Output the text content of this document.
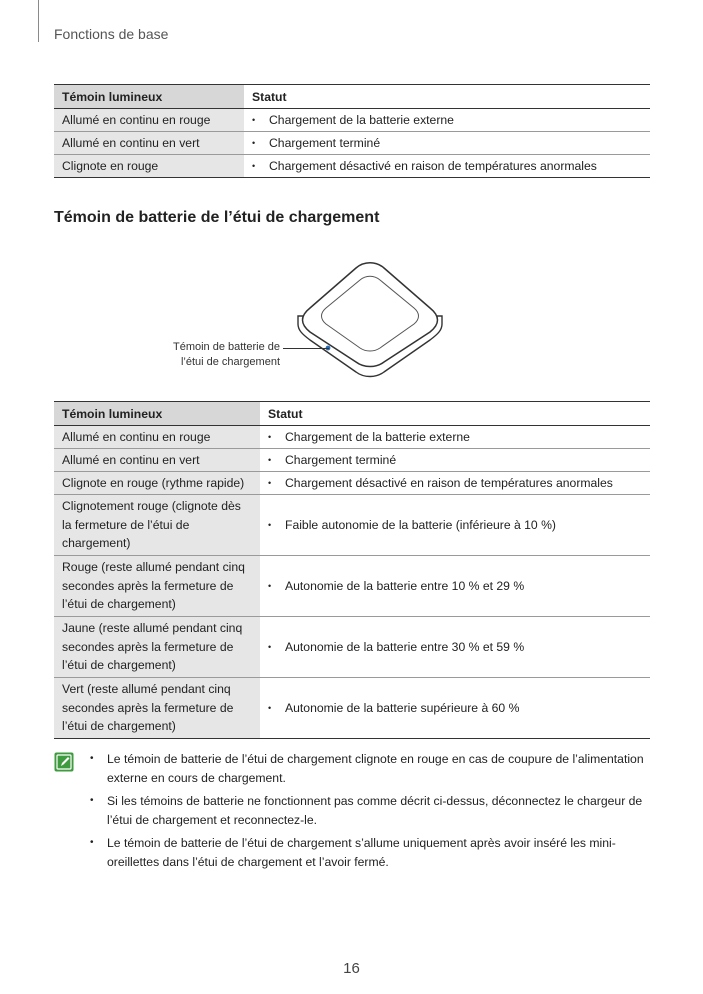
Fonctions de base
Témoin lumineux	Statut
Allumé en continu en rouge	• Chargement de la batterie externe

Allumé en continu en vert	• Chargement terminé

Clignote en rouge	• Chargement désactivé en raison de températures anormales
Témoin de batterie de l’étui de chargement
Témoin de batterie de
l’étui de chargement
Témoin lumineux	Statut
Allumé en continu en rouge	• Chargement de la batterie externe

Allumé en continu en vert	• Chargement terminé

Clignote en rouge (rythme rapide)	• Chargement désactivé en raison de températures anormales

Clignotement rouge (clignote dès la fermeture de l’étui de chargement)	• Faible autonomie de la batterie (inférieure à 10 %)

Rouge (reste allumé pendant cinq secondes après la fermeture de l’étui de chargement)	• Autonomie de la batterie entre 10 % et 29 %

Jaune (reste allumé pendant cinq secondes après la fermeture de l’étui de chargement)	• Autonomie de la batterie entre 30 % et 59 %

Vert (reste allumé pendant cinq secondes après la fermeture de l’étui de chargement)	• Autonomie de la batterie supérieure à 60 %
•	Le témoin de batterie de l’étui de chargement clignote en rouge en cas de coupure de l’alimentation externe en cours de chargement.
•	Si les témoins de batterie ne fonctionnent pas comme décrit ci-dessus, déconnectez le chargeur de l’étui de chargement et reconnectez-le.
•	Le témoin de batterie de l’étui de chargement s’allume uniquement après avoir inséré les mini-oreillettes dans l’étui de chargement et l’avoir fermé.
16
